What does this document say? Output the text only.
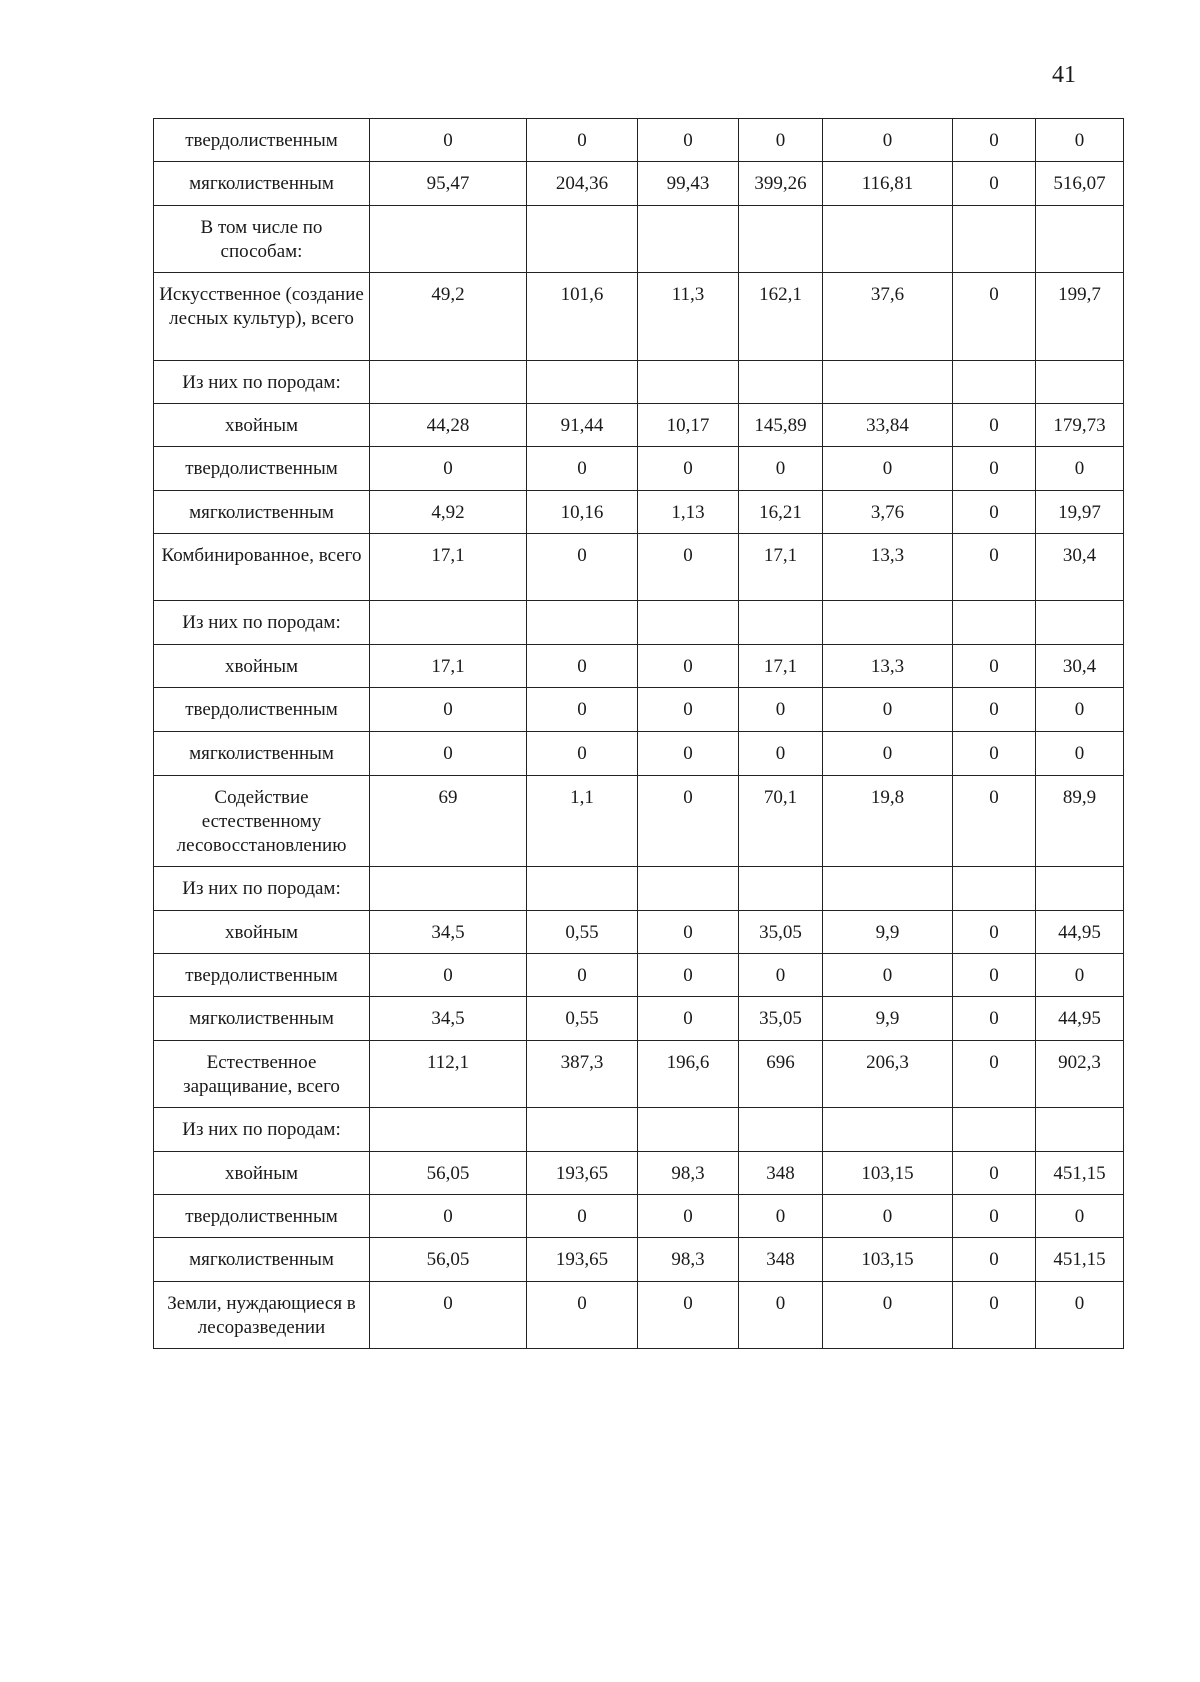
41
твердолиственным	0	0	0	0	0	0	0
мягколиственным	95,47	204,36	99,43	399,26	116,81	0	516,07
В том числе по способам:							
Искусственное (создание лесных культур), всего	49,2	101,6	11,3	162,1	37,6	0	199,7
Из них по породам:							
хвойным	44,28	91,44	10,17	145,89	33,84	0	179,73
твердолиственным	0	0	0	0	0	0	0
мягколиственным	4,92	10,16	1,13	16,21	3,76	0	19,97
Комбинированное, всего	17,1	0	0	17,1	13,3	0	30,4
Из них по породам:							
хвойным	17,1	0	0	17,1	13,3	0	30,4
твердолиственным	0	0	0	0	0	0	0
мягколиственным	0	0	0	0	0	0	0
Содействие естественному лесовосстановлению	69	1,1	0	70,1	19,8	0	89,9
Из них по породам:							
хвойным	34,5	0,55	0	35,05	9,9	0	44,95
твердолиственным	0	0	0	0	0	0	0
мягколиственным	34,5	0,55	0	35,05	9,9	0	44,95
Естественное заращивание, всего	112,1	387,3	196,6	696	206,3	0	902,3
Из них по породам:							
хвойным	56,05	193,65	98,3	348	103,15	0	451,15
твердолиственным	0	0	0	0	0	0	0
мягколиственным	56,05	193,65	98,3	348	103,15	0	451,15
Земли, нуждающиеся в лесоразведении	0	0	0	0	0	0	0
